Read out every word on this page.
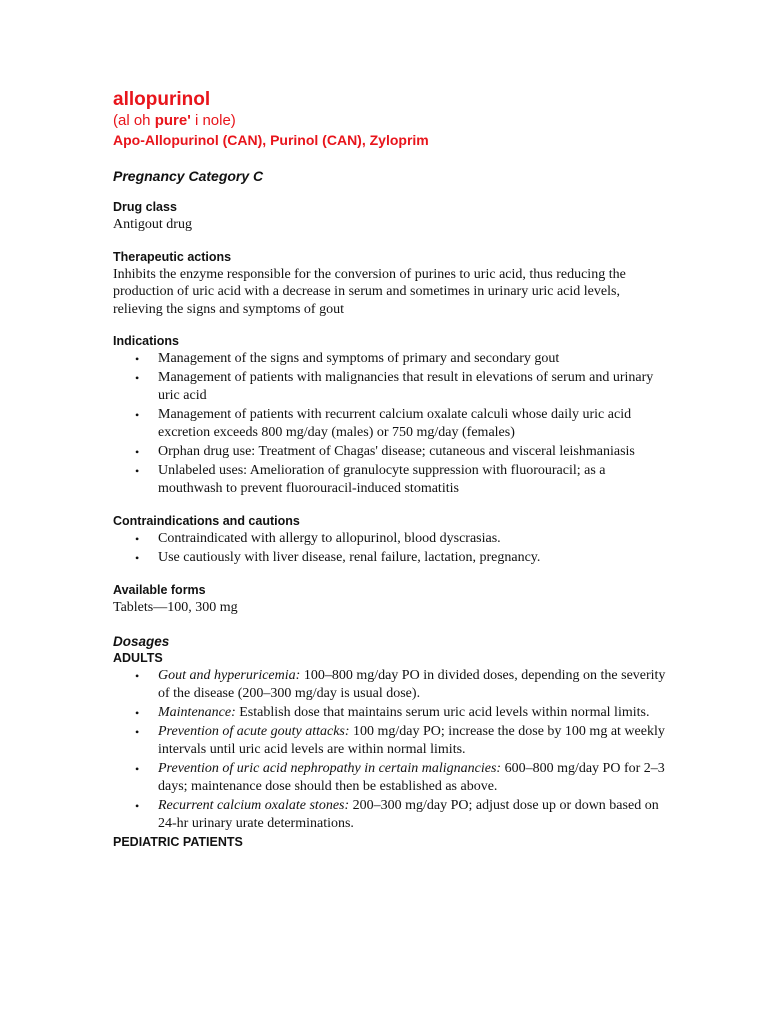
allopurinol

(al oh pure' i nole)

Apo-Allopurinol (CAN), Purinol (CAN), Zyloprim

Pregnancy Category C

Drug class

Antigout drug

Therapeutic actions

Inhibits the enzyme responsible for the conversion of purines to uric acid, thus reducing the production of uric acid with a decrease in serum and sometimes in urinary uric acid levels, relieving the signs and symptoms of gout

Indications

• Management of the signs and symptoms of primary and secondary gout
• Management of patients with malignancies that result in elevations of serum and urinary uric acid
• Management of patients with recurrent calcium oxalate calculi whose daily uric acid excretion exceeds 800 mg/day (males) or 750 mg/day (females)
• Orphan drug use: Treatment of Chagas' disease; cutaneous and visceral leishmaniasis
• Unlabeled uses: Amelioration of granulocyte suppression with fluorouracil; as a mouthwash to prevent fluorouracil-induced stomatitis

Contraindications and cautions

• Contraindicated with allergy to allopurinol, blood dyscrasias.
• Use cautiously with liver disease, renal failure, lactation, pregnancy.

Available forms

Tablets—100, 300 mg

Dosages

ADULTS

• Gout and hyperuricemia: 100–800 mg/day PO in divided doses, depending on the severity of the disease (200–300 mg/day is usual dose).
• Maintenance: Establish dose that maintains serum uric acid levels within normal limits.
• Prevention of acute gouty attacks: 100 mg/day PO; increase the dose by 100 mg at weekly intervals until uric acid levels are within normal limits.
• Prevention of uric acid nephropathy in certain malignancies: 600–800 mg/day PO for 2–3 days; maintenance dose should then be established as above.
• Recurrent calcium oxalate stones: 200–300 mg/day PO; adjust dose up or down based on 24-hr urinary urate determinations.

PEDIATRIC PATIENTS
